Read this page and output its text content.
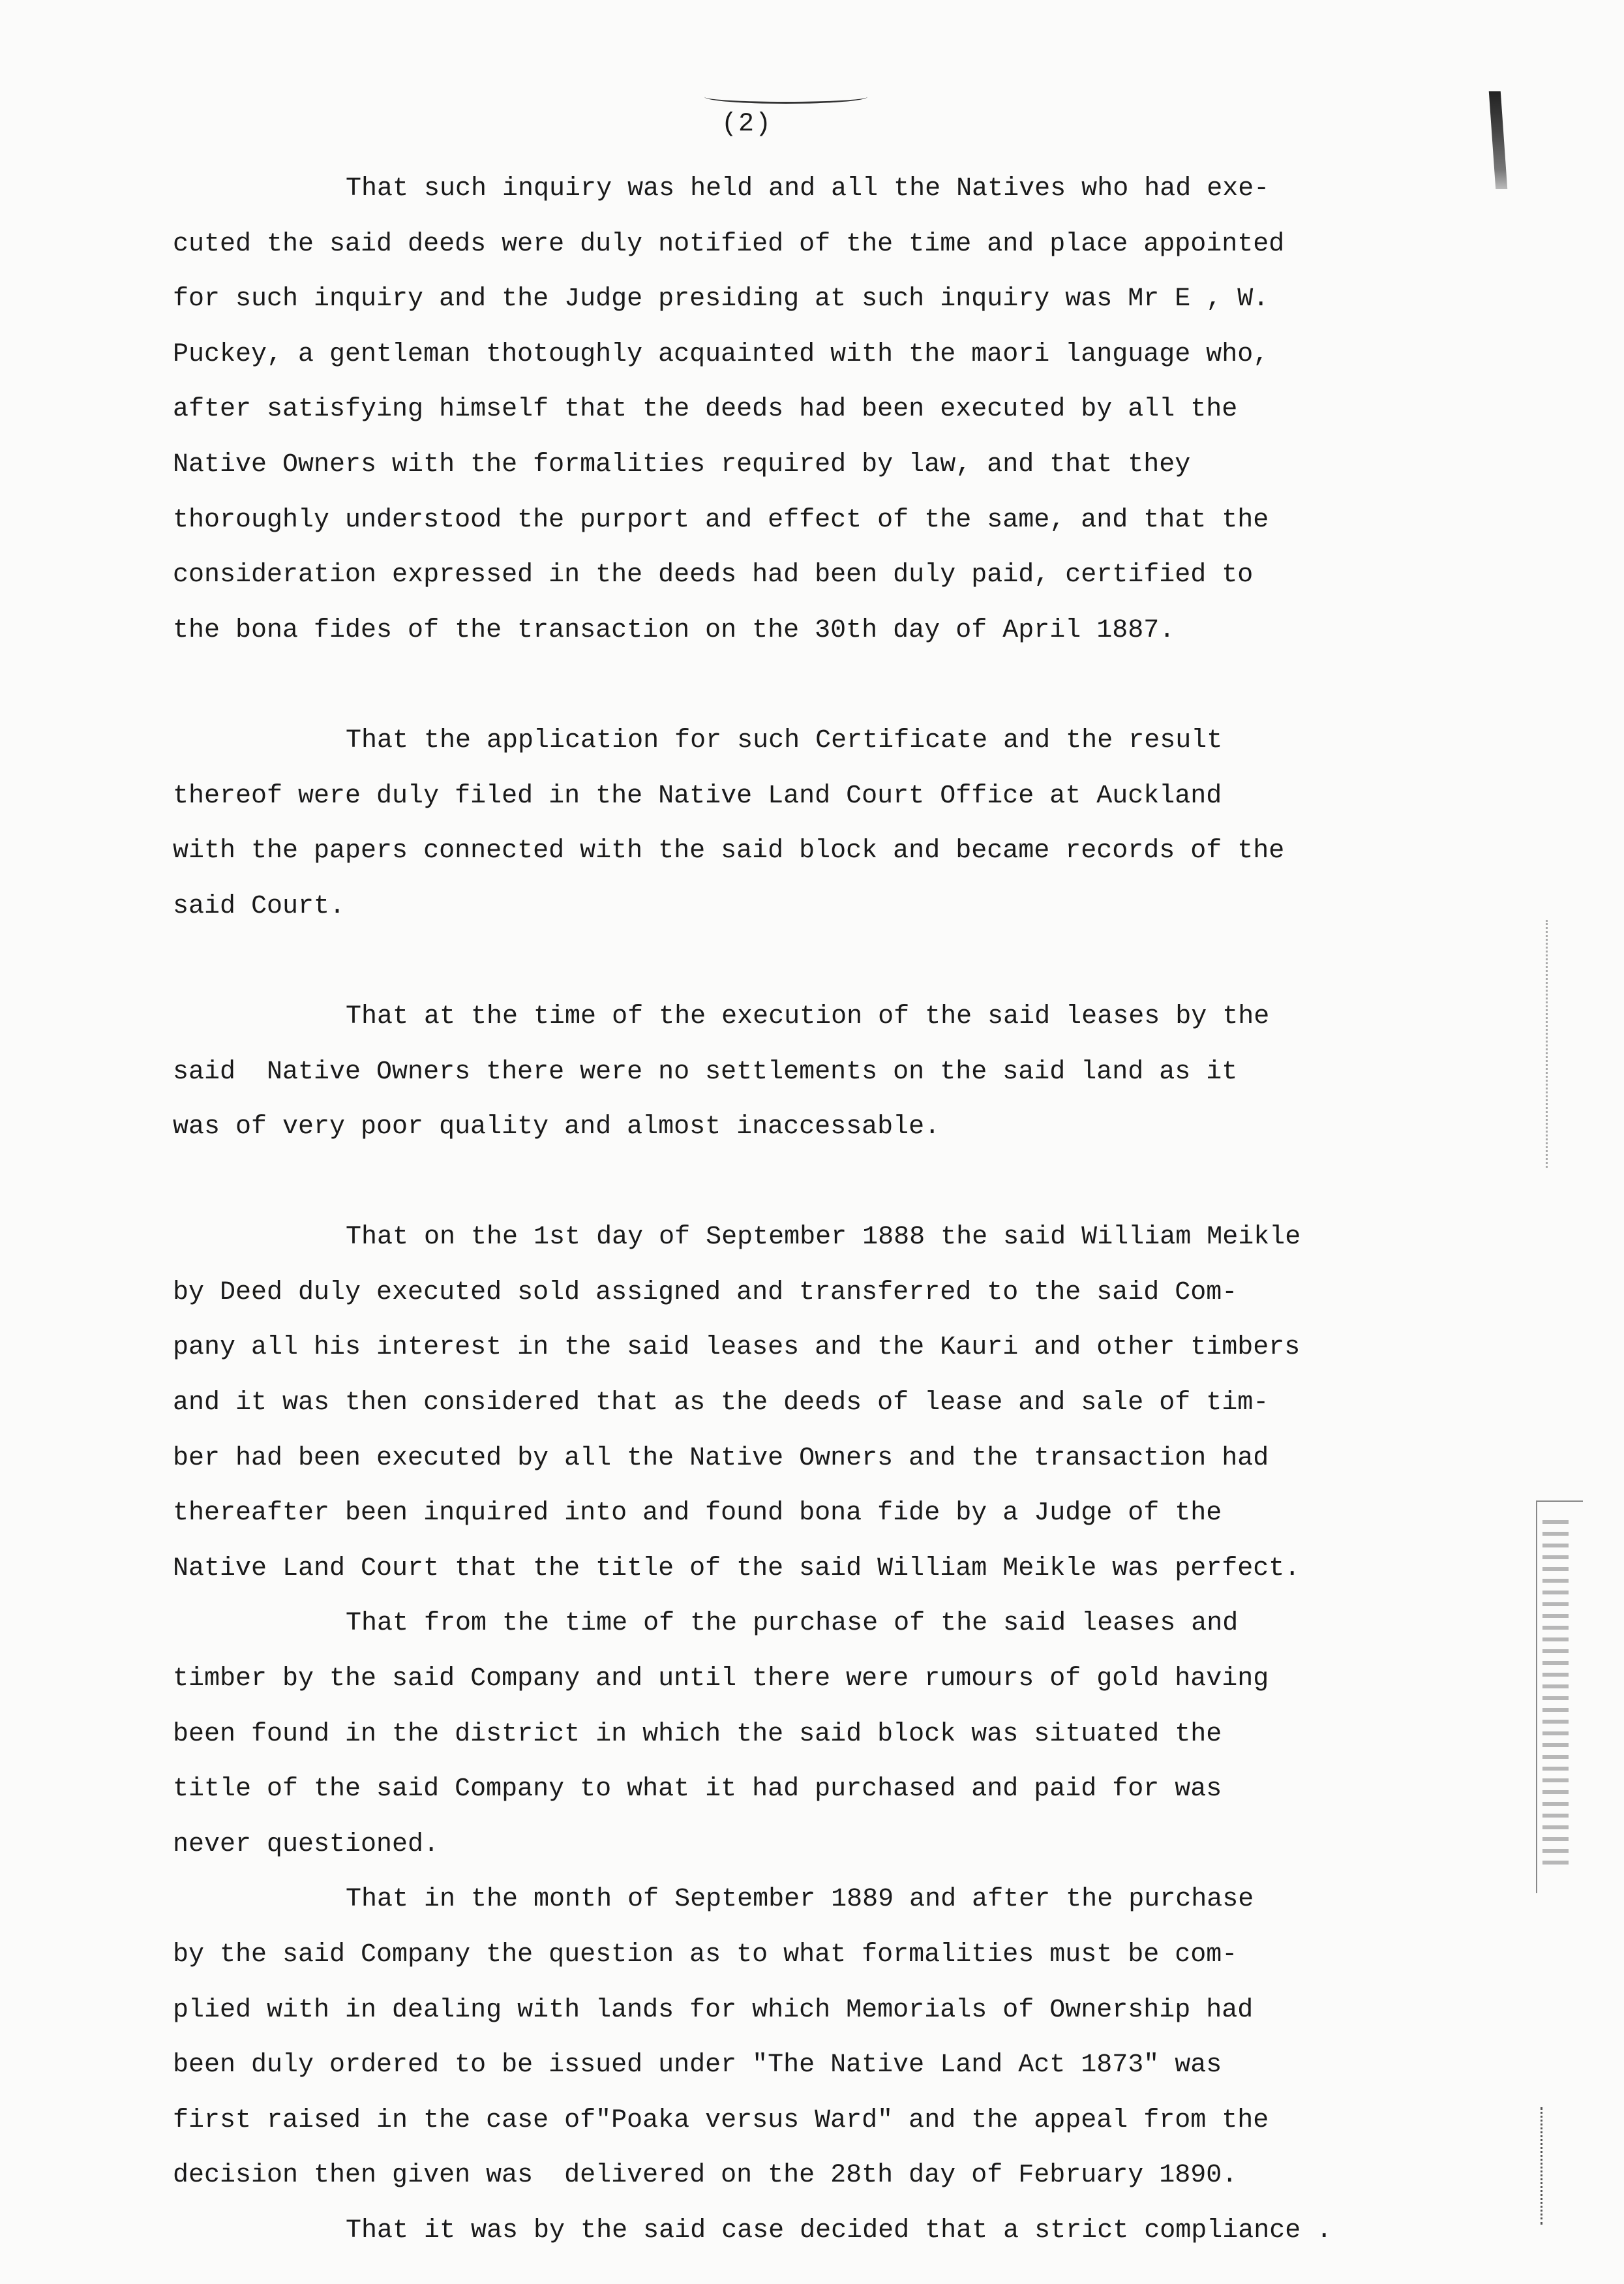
(2)
That such inquiry was held and all the Natives who had exe-
cuted the said deeds were duly notified of the time and place appointed
for such inquiry and the Judge presiding at such inquiry was Mr E , W.
Puckey, a gentleman thotoughly acquainted with the maori language who,
after satisfying himself that the deeds had been executed by all the
Native Owners with the formalities required by law, and that they
thoroughly understood the purport and effect of the same, and that the
consideration expressed in the deeds had been duly paid, certified to
the bona fides of the transaction on the 30th day of April 1887.
That the application for such Certificate and the result
thereof were duly filed in the Native Land Court Office at Auckland
with the papers connected with the said block and became records of the
said Court.
That at the time of the execution of the said leases by the
said  Native Owners there were no settlements on the said land as it
was of very poor quality and almost inaccessable.
That on the 1st day of September 1888 the said William Meikle
by Deed duly executed sold assigned and transferred to the said Com-
pany all his interest in the said leases and the Kauri and other timbers
and it was then considered that as the deeds of lease and sale of tim-
ber had been executed by all the Native Owners and the transaction had
thereafter been inquired into and found bona fide by a Judge of the
Native Land Court that the title of the said William Meikle was perfect.
That from the time of the purchase of the said leases and
timber by the said Company and until there were rumours of gold having
been found in the district in which the said block was situated the
title of the said Company to what it had purchased and paid for was
never questioned.
That in the month of September 1889 and after the purchase
by the said Company the question as to what formalities must be com-
plied with in dealing with lands for which Memorials of Ownership had
been duly ordered to be issued under "The Native Land Act 1873" was
first raised in the case of"Poaka versus Ward" and the appeal from the
decision then given was  delivered on the 28th day of February 1890.
That it was by the said case decided that a strict compliance .
